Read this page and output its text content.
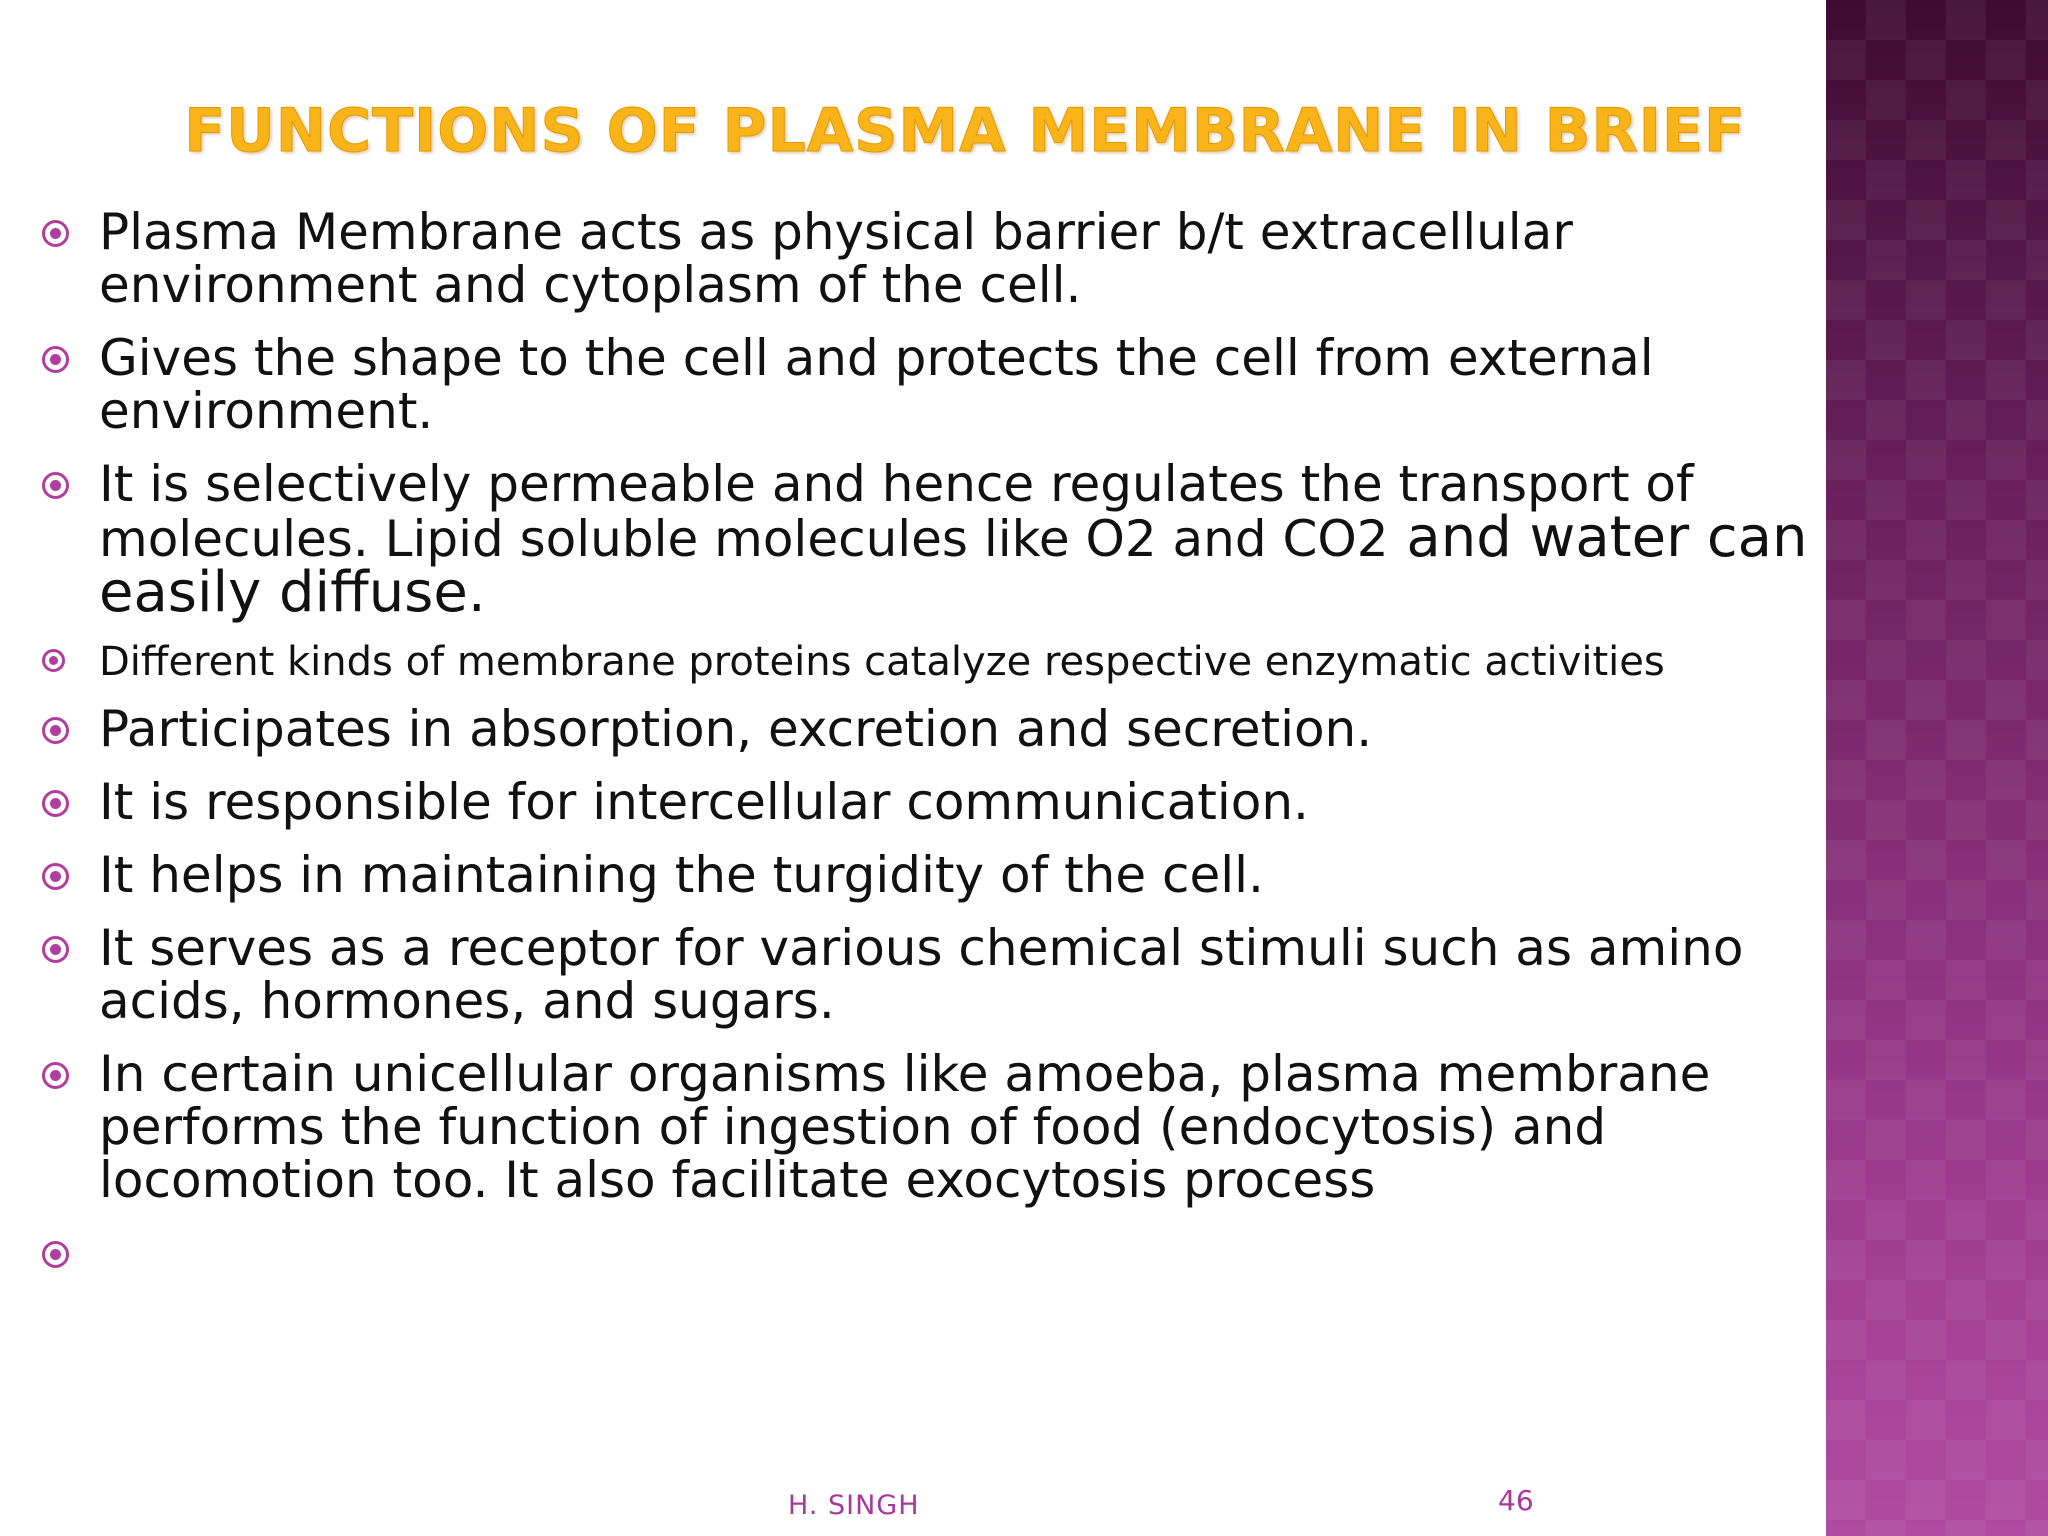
FUNCTIONS OF PLASMA MEMBRANE IN BRIEF
Plasma Membrane acts as physical barrier b/t extracellular environment and cytoplasm of the cell.
Gives the shape to the cell and protects the cell from external environment.
It is selectively permeable and hence regulates the transport of molecules. Lipid soluble molecules like O2 and CO2 and water can easily diffuse.
Different kinds of membrane proteins catalyze respective enzymatic activities
Participates in absorption, excretion and secretion.
It is responsible for intercellular communication.
It helps in maintaining the turgidity of the cell.
It serves as a receptor for various chemical stimuli such as amino acids, hormones, and sugars.
In certain unicellular organisms like amoeba, plasma membrane performs the function of ingestion of food (endocytosis) and locomotion too. It also facilitate exocytosis process
H. SINGH	46
